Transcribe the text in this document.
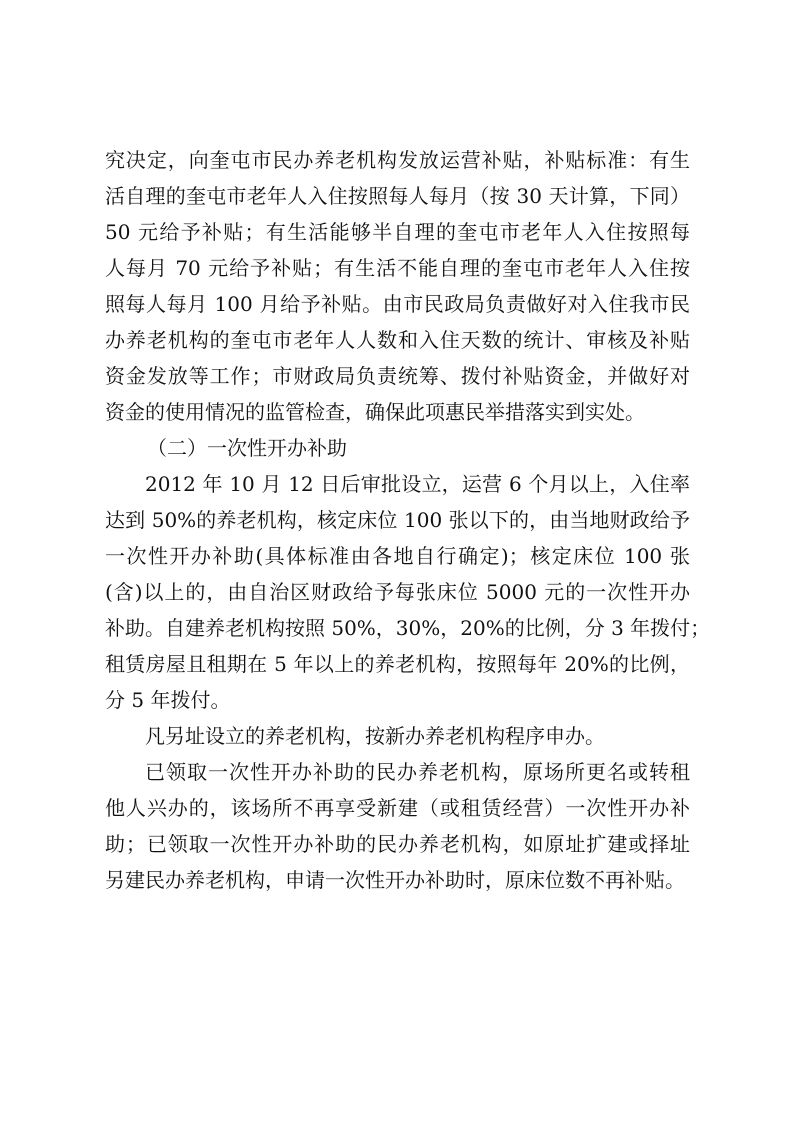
究决定，向奎屯市民办养老机构发放运营补贴，补贴标准：有生
活自理的奎屯市老年人入住按照每人每月（按 30 天计算，下同）
50 元给予补贴；有生活能够半自理的奎屯市老年人入住按照每
人每月 70 元给予补贴；有生活不能自理的奎屯市老年人入住按
照每人每月 100 月给予补贴。由市民政局负责做好对入住我市民
办养老机构的奎屯市老年人人数和入住天数的统计、审核及补贴
资金发放等工作；市财政局负责统筹、拨付补贴资金，并做好对
资金的使用情况的监管检查，确保此项惠民举措落实到实处。
（二）一次性开办补助
2012 年 10 月 12 日后审批设立，运营 6 个月以上，入住率
达到 50%的养老机构，核定床位 100 张以下的，由当地财政给予
一次性开办补助(具体标准由各地自行确定)；核定床位 100 张
(含)以上的，由自治区财政给予每张床位 5000 元的一次性开办
补助。自建养老机构按照 50%，30%，20%的比例，分 3 年拨付；
租赁房屋且租期在 5 年以上的养老机构，按照每年 20%的比例，
分 5 年拨付。
凡另址设立的养老机构，按新办养老机构程序申办。
已领取一次性开办补助的民办养老机构，原场所更名或转租
他人兴办的，该场所不再享受新建（或租赁经营）一次性开办补
助；已领取一次性开办补助的民办养老机构，如原址扩建或择址
另建民办养老机构，申请一次性开办补助时，原床位数不再补贴。
